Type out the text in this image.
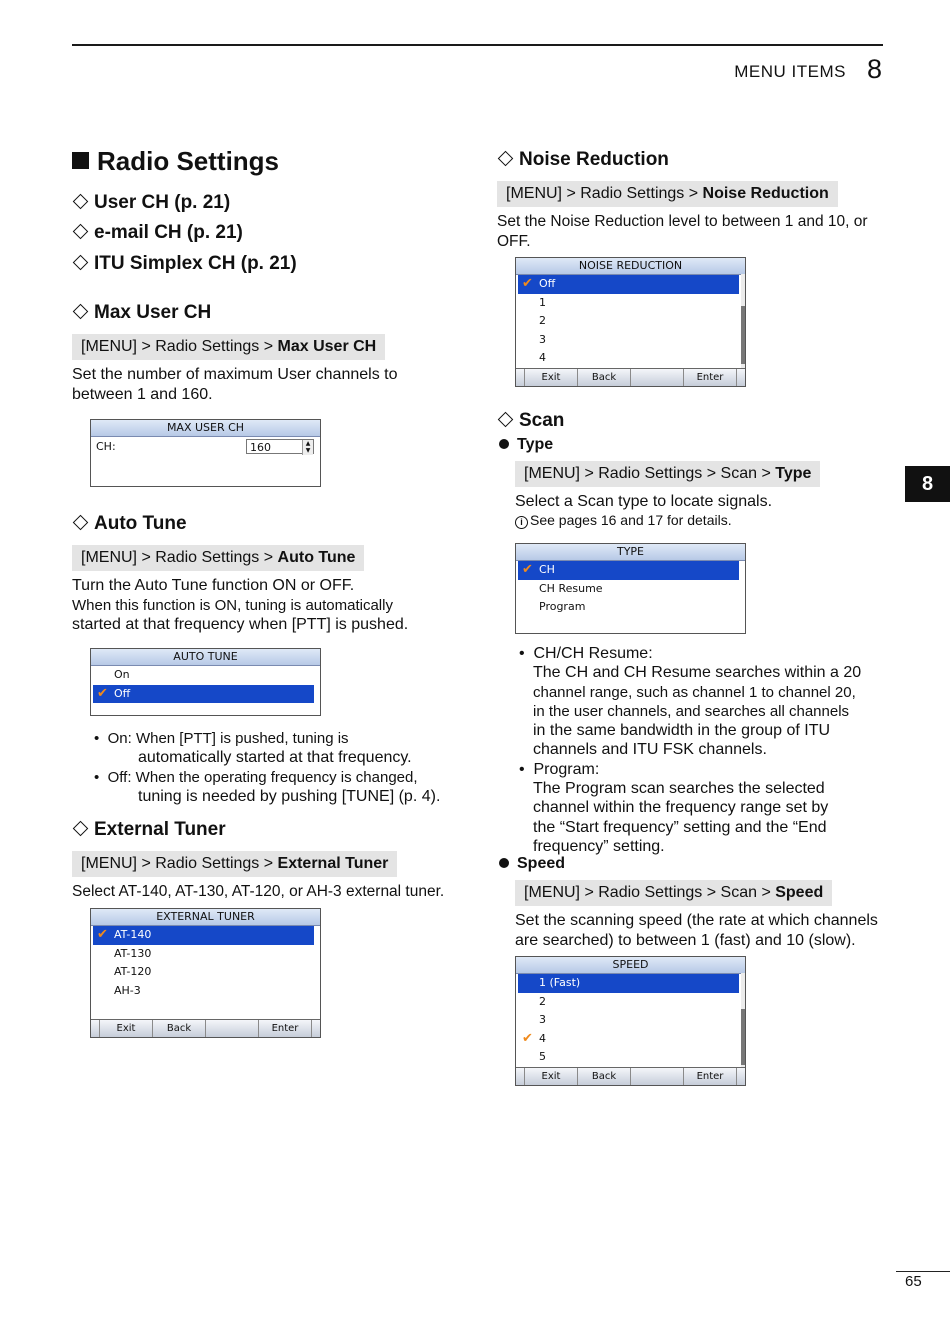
MENU ITEMS 8
8
Radio Settings
User CH (p. 21)
e-mail CH (p. 21)
ITU Simplex CH (p. 21)
Max User CH
[MENU] > Radio Settings > Max User CH
Set the number of maximum User channels to
between 1 and 160.
MAX USER CH
CH:	160	▲
▼
Auto Tune
[MENU] > Radio Settings > Auto Tune
Turn the Auto Tune function ON or OFF.
When this function is ON, tuning is automatically
started at that frequency when [PTT] is pushed.
AUTO TUNE
On
✔ Off
• On: When [PTT] is pushed, tuning is
automatically started at that frequency.
• Off: When the operating frequency is changed,
tuning is needed by pushing [TUNE] (p. 4).
External Tuner
[MENU] > Radio Settings > External Tuner
Select AT-140, AT-130, AT-120, or AH-3 external tuner.
EXTERNAL TUNER
✔ AT-140
AT-130
AT-120
AH-3
Exit	Back	Enter
Noise Reduction
[MENU] > Radio Settings > Noise Reduction
Set the Noise Reduction level to between 1 and 10, or
OFF.
NOISE REDUCTION
✔ Off
1
2
3
4
Exit	Back	Enter
Scan
Type
[MENU] > Radio Settings > Scan > Type
Select a Scan type to locate signals.
i See pages 16 and 17 for details.
TYPE
✔ CH
CH Resume
Program
• CH/CH Resume:
The CH and CH Resume searches within a 20
channel range, such as channel 1 to channel 20,
in the user channels, and searches all channels
in the same bandwidth in the group of ITU
channels and ITU FSK channels.
• Program:
The Program scan searches the selected
channel within the frequency range set by
the “Start frequency” setting and the “End
frequency” setting.
Speed
[MENU] > Radio Settings > Scan > Speed
Set the scanning speed (the rate at which channels
are searched) to between 1 (fast) and 10 (slow).
SPEED
1 (Fast)
2
3
✔ 4
5
Exit	Back	Enter
65
